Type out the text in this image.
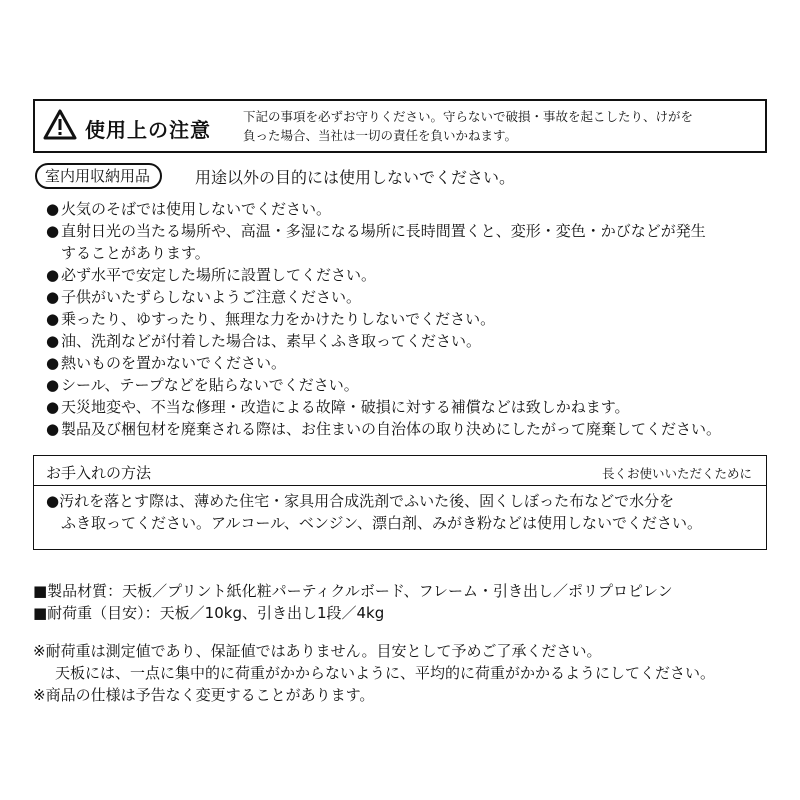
使用上の注意
下記の事項を必ずお守りください。守らないで破損・事故を起こしたり、けがを
負った場合、当社は一切の責任を負いかねます。
室内用収納用品	用途以外の目的には使用しないでください。
● 火気のそばでは使用しないでください。
● 直射日光の当たる場所や、高温・多湿になる場所に長時間置くと、変形・変色・かびなどが発生
することがあります。
● 必ず水平で安定した場所に設置してください。
● 子供がいたずらしないようご注意ください。
● 乗ったり、ゆすったり、無理な力をかけたりしないでください。
● 油、洗剤などが付着した場合は、素早くふき取ってください。
● 熱いものを置かないでください。
● シール、テープなどを貼らないでください。
● 天災地変や、不当な修理・改造による故障・破損に対する補償などは致しかねます。
● 製品及び梱包材を廃棄される際は、お住まいの自治体の取り決めにしたがって廃棄してください。
お手入れの方法	長くお使いいただくために
●汚れを落とす際は、薄めた住宅・家具用合成洗剤でふいた後、固くしぼった布などで水分を
ふき取ってください。アルコール、ベンジン、漂白剤、みがき粉などは使用しないでください。
■製品材質：天板／プリント紙化粧パーティクルボード、フレーム・引き出し／ポリプロピレン
■耐荷重（目安）：天板／10kg、引き出し1段／4kg
※耐荷重は測定値であり、保証値ではありません。目安として予めご了承ください。
天板には、一点に集中的に荷重がかからないように、平均的に荷重がかかるようにしてください。
※商品の仕様は予告なく変更することがあります。
